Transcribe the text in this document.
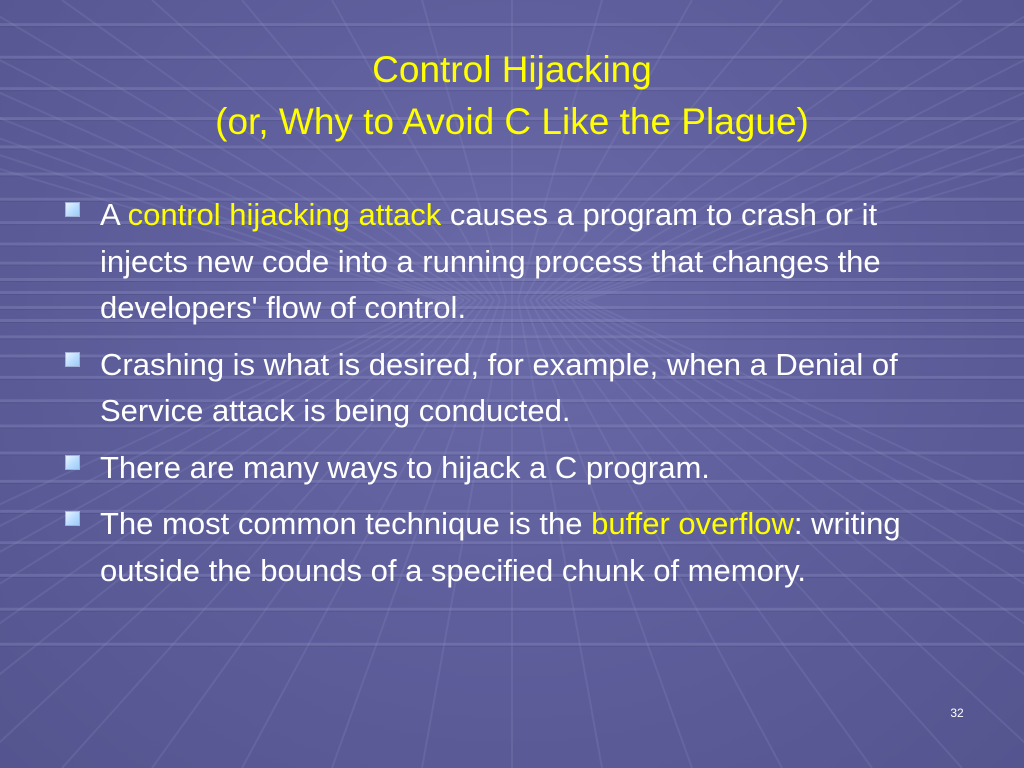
Control Hijacking
(or, Why to Avoid C Like the Plague)
A control hijacking attack causes a program to crash or it injects new code into a running process that changes the developers' flow of control.
Crashing is what is desired, for example, when a Denial of Service attack is being conducted.
There are many ways to hijack a C program.
The most common technique is the buffer overflow: writing outside the bounds of a specified chunk of memory.
32
